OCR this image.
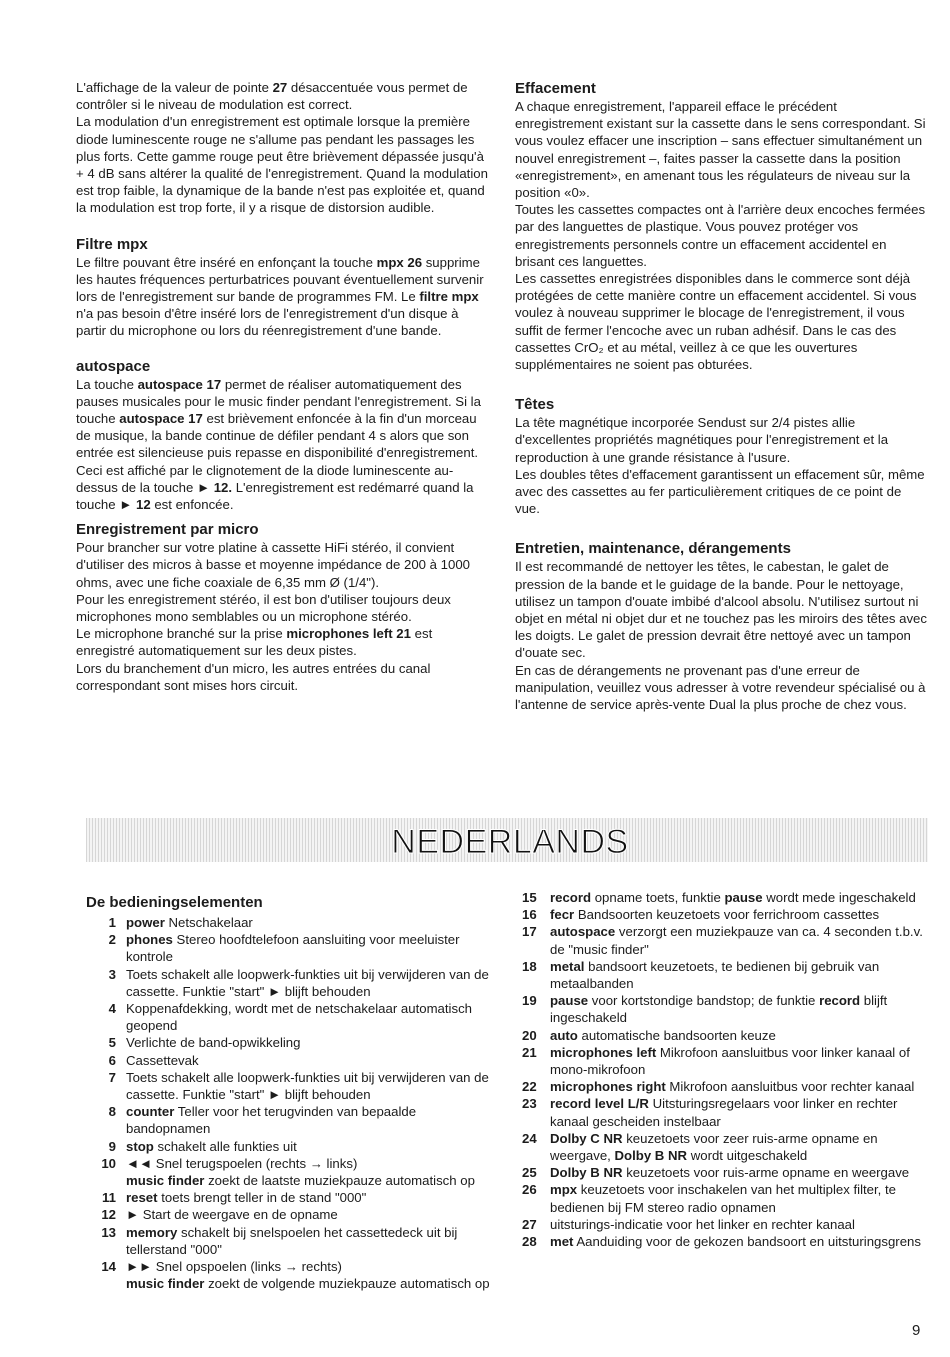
L'affichage de la valeur de pointe 27 désaccentuée vous permet de contrôler si le niveau de modulation est correct.

La modulation d'un enregistrement est optimale lorsque la première diode luminescente rouge ne s'allume pas pendant les passages les plus forts. Cette gamme rouge peut être brièvement dépassée jusqu'à + 4 dB sans altérer la qualité de l'enregistrement. Quand la modulation est trop faible, la dynamique de la bande n'est pas exploitée et, quand la modulation est trop forte, il y a risque de distorsion audible.

Filtre mpx

Le filtre pouvant être inséré en enfonçant la touche mpx 26 supprime les hautes fréquences perturbatrices pouvant éventuellement survenir lors de l'enregistrement sur bande de programmes FM. Le filtre mpx n'a pas besoin d'être inséré lors de l'enregistrement d'un disque à partir du microphone ou lors du réenregistrement d'une bande.

autospace

La touche autospace 17 permet de réaliser automatiquement des pauses musicales pour le music finder pendant l'enregistrement. Si la touche autospace 17 est brièvement enfoncée à la fin d'un morceau de musique, la bande continue de défiler pendant 4 s alors que son entrée est silencieuse puis repasse en disponibilité d'enregistrement. Ceci est affiché par le clignotement de la diode luminescente au-dessus de la touche ► 12. L'enregistrement est redémarré quand la touche ► 12 est enfoncée.

Enregistrement par micro

Pour brancher sur votre platine à cassette HiFi stéréo, il convient d'utiliser des micros à basse et moyenne impédance de 200 à 1000 ohms, avec une fiche coaxiale de 6,35 mm Ø (1/4").

Pour les enregistrement stéréo, il est bon d'utiliser toujours deux microphones mono semblables ou un microphone stéréo.

Le microphone branché sur la prise microphones left 21 est enregistré automatiquement sur les deux pistes.

Lors du branchement d'un micro, les autres entrées du canal correspondant sont mises hors circuit.

Effacement

A chaque enregistrement, l'appareil efface le précédent enregistrement existant sur la cassette dans le sens correspondant. Si vous voulez effacer une inscription – sans effectuer simultanément un nouvel enregistrement –, faites passer la cassette dans la position «enregistrement», en amenant tous les régulateurs de niveau sur la position «0».

Toutes les cassettes compactes ont à l'arrière deux encoches fermées par des languettes de plastique. Vous pouvez protéger vos enregistrements personnels contre un effacement accidentel en brisant ces languettes.

Les cassettes enregistrées disponibles dans le commerce sont déjà protégées de cette manière contre un effacement accidentel. Si vous voulez à nouveau supprimer le blocage de l'enregistrement, il vous suffit de fermer l'encoche avec un ruban adhésif. Dans le cas des cassettes CrO₂ et au métal, veillez à ce que les ouvertures supplémentaires ne soient pas obturées.

Têtes

La tête magnétique incorporée Sendust sur 2/4 pistes allie d'excellentes propriétés magnétiques pour l'enregistrement et la reproduction à une grande résistance à l'usure.

Les doubles têtes d'effacement garantissent un effacement sûr, même avec des cassettes au fer particulièrement critiques de ce point de vue.

Entretien, maintenance, dérangements

Il est recommandé de nettoyer les têtes, le cabestan, le galet de pression de la bande et le guidage de la bande. Pour le nettoyage, utilisez un tampon d'ouate imbibé d'alcool absolu. N'utilisez surtout ni objet en métal ni objet dur et ne touchez pas les miroirs des têtes avec les doigts. Le galet de pression devrait être nettoyé avec un tampon d'ouate sec.

En cas de dérangements ne provenant pas d'une erreur de manipulation, veuillez vous adresser à votre revendeur spécialisé ou à l'antenne de service après-vente Dual la plus proche de chez vous.

NEDERLANDS
De bedieningselementen
1 power Netschakelaar
2 phones Stereo hoofdtelefoon aansluiting voor meeluister kontrole
3 Toets schakelt alle loopwerk-funkties uit bij verwijderen van de cassette. Funktie "start" ► blijft behouden
4 Koppenafdekking, wordt met de netschakelaar automatisch geopend
5 Verlichte de band-opwikkeling
6 Cassettevak
7 Toets schakelt alle loopwerk-funkties uit bij verwijderen van de cassette. Funktie "start" ► blijft behouden
8 counter Teller voor het terugvinden van bepaalde bandopnamen
9 stop schakelt alle funkties uit
10 ◄◄ Snel terugspoelen (rechts → links)
music finder zoekt de laatste muziekpauze automatisch op
11 reset toets brengt teller in de stand "000"
12 ► Start de weergave en de opname
13 memory schakelt bij snelspoelen het cassettedeck uit bij tellerstand "000"
14 ►► Snel opspoelen (links → rechts)
music finder zoekt de volgende muziekpauze automatisch op
15	record opname toets, funktie pause wordt mede ingeschakeld
16	fecr Bandsoorten keuzetoets voor ferrichroom cassettes
17	autospace verzorgt een muziekpauze van ca. 4 seconden t.b.v. de "music finder"
18	metal bandsoort keuzetoets, te bedienen bij gebruik van metaalbanden
19	pause voor kortstondige bandstop; de funktie record blijft ingeschakeld
20	auto automatische bandsoorten keuze
21	microphones left Mikrofoon aansluitbus voor linker kanaal of mono-mikrofoon
22	microphones right Mikrofoon aansluitbus voor rechter kanaal
23	record level L/R Uitsturingsregelaars voor linker en rechter kanaal gescheiden instelbaar
24	Dolby C NR keuzetoets voor zeer ruis-arme opname en weergave, Dolby B NR wordt uitgeschakeld
25	Dolby B NR keuzetoets voor ruis-arme opname en weergave
26	mpx keuzetoets voor inschakelen van het multiplex filter, te bedienen bij FM stereo radio opnamen
27	uitsturings-indicatie voor het linker en rechter kanaal
28	met Aanduiding voor de gekozen bandsoort en uitsturingsgrens
9
